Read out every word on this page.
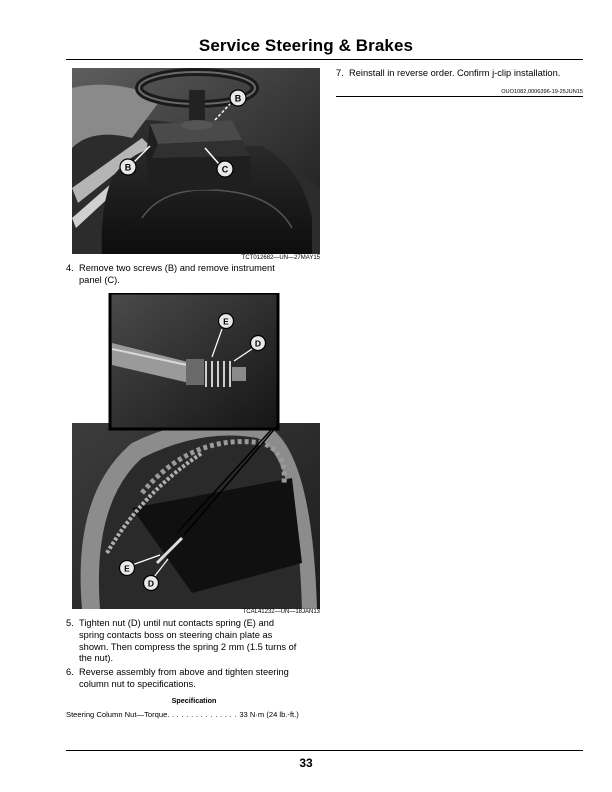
Service Steering & Brakes
B
B	C
TCT012682—UN—27MAY15
4. Remove two screws (B) and remove instrument
panel (C).
E
D
E
D
TCAL41232—UN—18JAN13
5. Tighten nut (D) until nut contacts spring (E) and
spring contacts boss on steering chain plate as
shown. Then compress the spring 2 mm (1.5 turns of
the nut).
6. Reverse assembly from above and tighten steering
column nut to specifications.
Specification
Steering Column Nut—Torque. . . . . . . . . . . . . . . 33 N·m (24 lb.-ft.)
7. Reinstall in reverse order. Confirm j-clip installation.
OUO1082,0006396-19-25JUN15
33
